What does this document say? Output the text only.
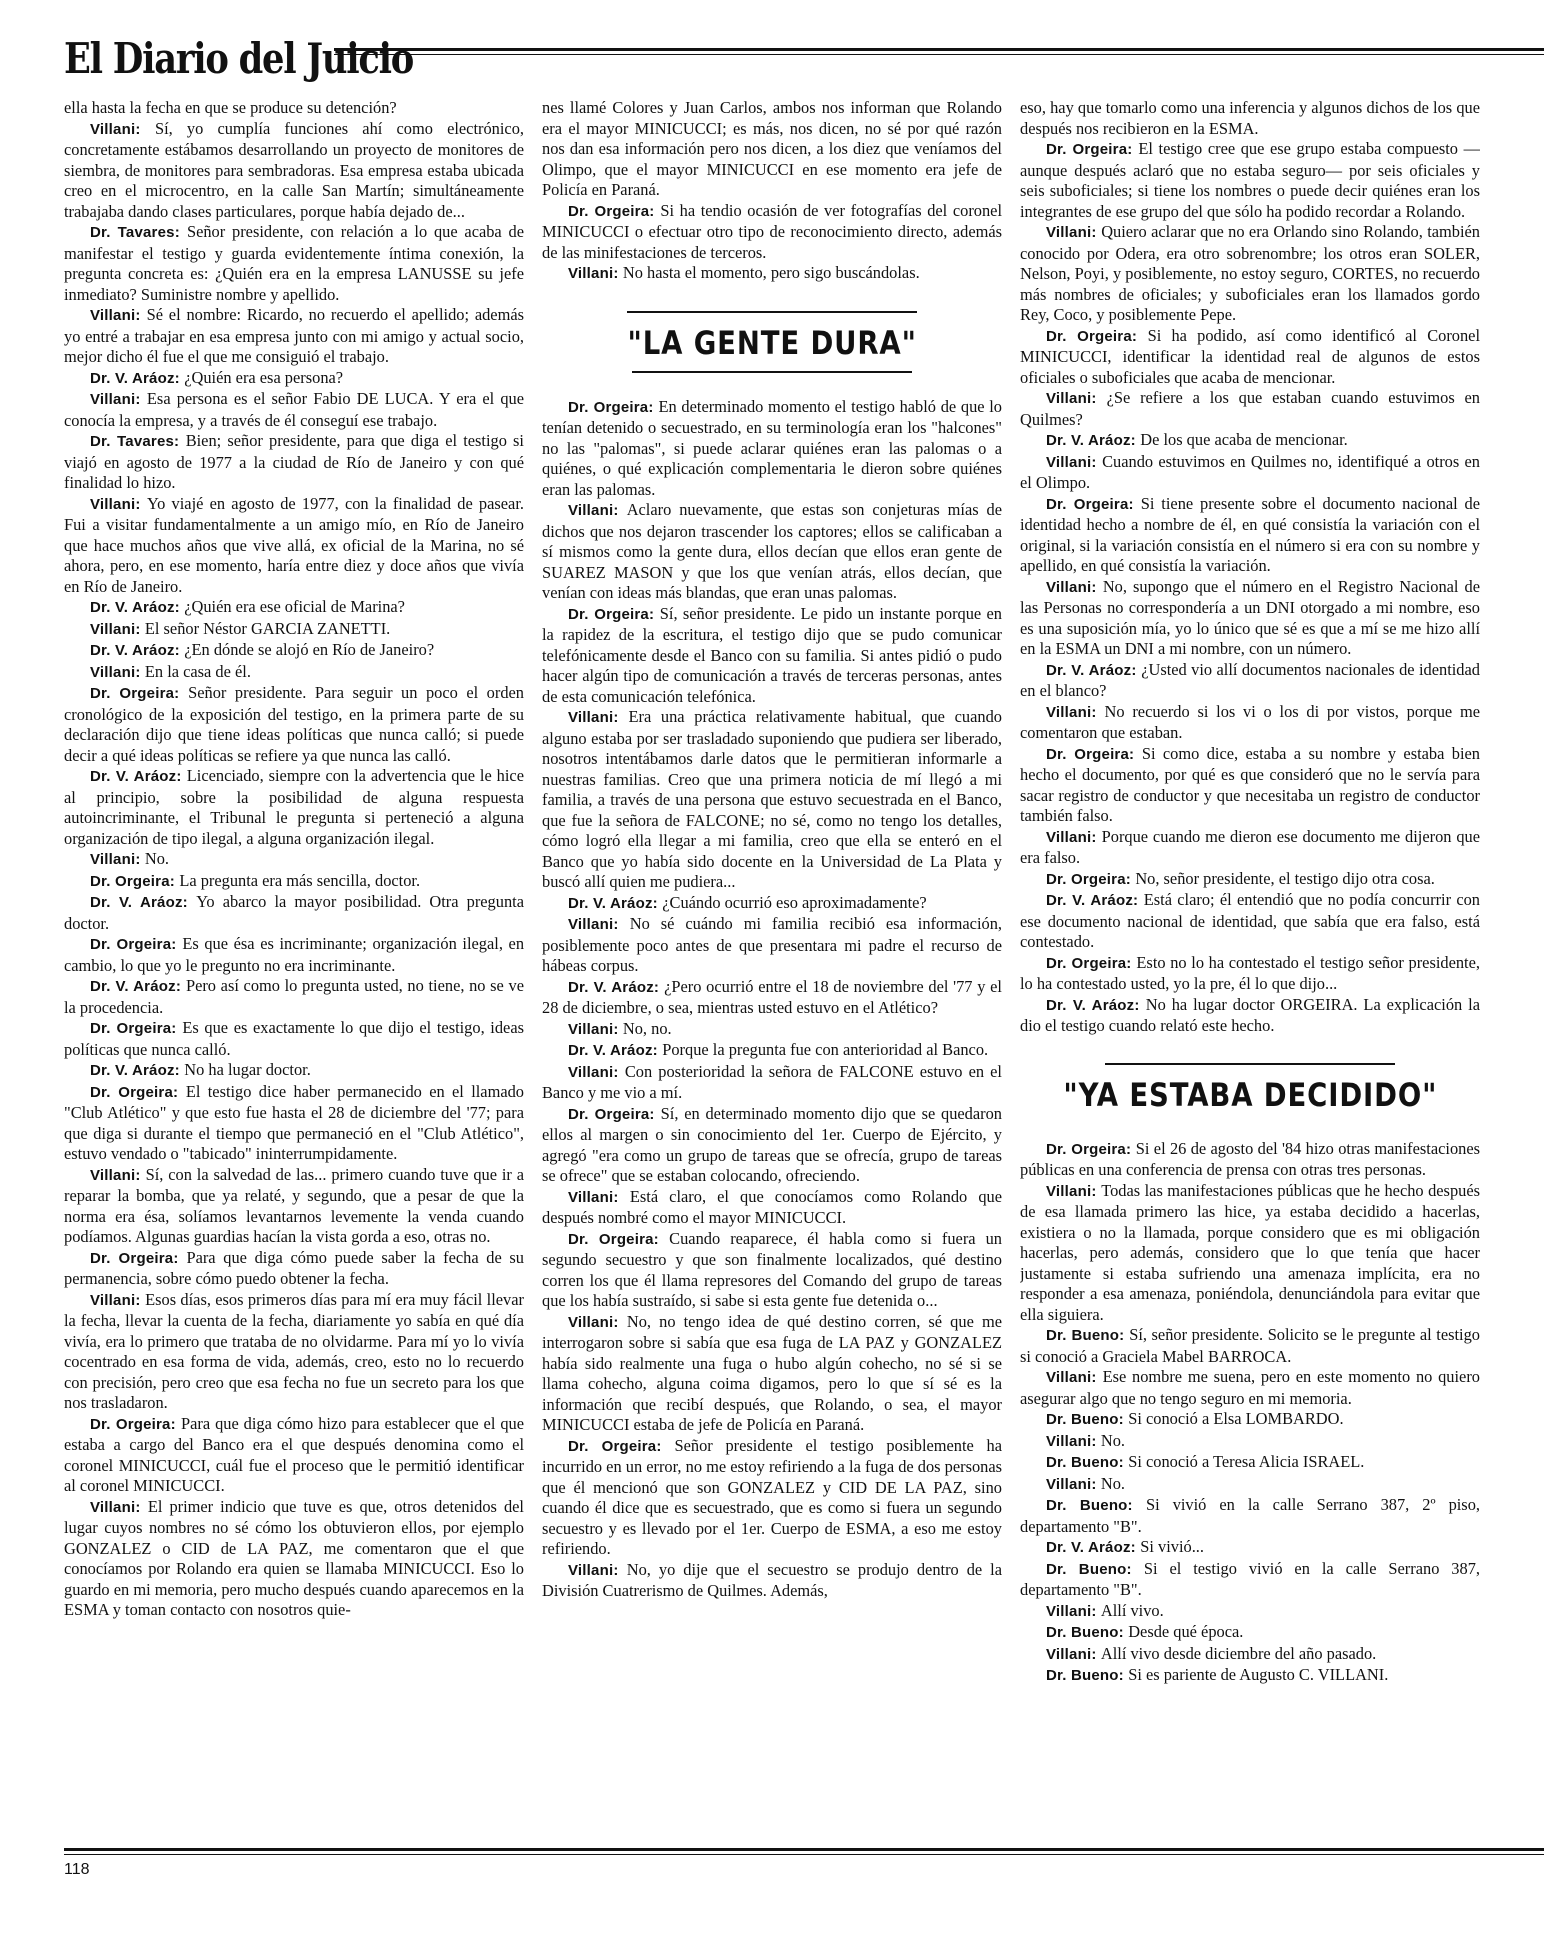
El Diario del Juicio

ella hasta la fecha en que se produce su detención?

Villani : Sí, yo cumplía funciones ahí como electrónico, concretamente estábamos desarrollando un proyecto de monitores de siembra, de monitores para sembradoras. Esa empresa estaba ubicada creo en el microcentro, en la calle San Martín; simultáneamente trabajaba dando clases particulares, porque había dejado de...

Dr. Tavares : Señor presidente, con relación a lo que acaba de manifestar el testigo y guarda evidentemente íntima conexión, la pregunta concreta es: ¿Quién era en la empresa LANUSSE su jefe inmediato? Suministre nombre y apellido.

Villani : Sé el nombre: Ricardo, no recuerdo el apellido; además yo entré a trabajar en esa empresa junto con mi amigo y actual socio, mejor dicho él fue el que me consiguió el trabajo.

Dr. V. Aráoz : ¿Quién era esa persona?

Villani : Esa persona es el señor Fabio DE LUCA. Y era el que conocía la empresa, y a través de él conseguí ese trabajo.

Dr. Tavares : Bien; señor presidente, para que diga el testigo si viajó en agosto de 1977 a la ciudad de Río de Janeiro y con qué finalidad lo hizo.

Villani : Yo viajé en agosto de 1977, con la finalidad de pasear. Fui a visitar fundamentalmente a un amigo mío, en Río de Janeiro que hace muchos años que vive allá, ex oficial de la Marina, no sé ahora, pero, en ese momento, haría entre diez y doce años que vivía en Río de Janeiro.

Dr. V. Aráoz : ¿Quién era ese oficial de Marina?

Villani : El señor Néstor GARCIA ZANETTI.

Dr. V. Aráoz : ¿En dónde se alojó en Río de Janeiro?

Villani : En la casa de él.

Dr. Orgeira : Señor presidente. Para seguir un poco el orden cronológico de la exposición del testigo, en la primera parte de su declaración dijo que tiene ideas políticas que nunca calló; si puede decir a qué ideas políticas se refiere ya que nunca las calló.

Dr. V. Aráoz : Licenciado, siempre con la advertencia que le hice al principio, sobre la posibilidad de alguna respuesta autoincriminante, el Tribunal le pregunta si perteneció a alguna organización de tipo ilegal, a alguna organización ilegal.

Villani : No.

Dr. Orgeira : La pregunta era más sencilla, doctor.

Dr. V. Aráoz : Yo abarco la mayor posibilidad. Otra pregunta doctor.

Dr. Orgeira : Es que ésa es incriminante; organización ilegal, en cambio, lo que yo le pregunto no era incriminante.

Dr. V. Aráoz : Pero así como lo pregunta usted, no tiene, no se ve la procedencia.

Dr. Orgeira : Es que es exactamente lo que dijo el testigo, ideas políticas que nunca calló.

Dr. V. Aráoz : No ha lugar doctor.

Dr. Orgeira : El testigo dice haber permanecido en el llamado "Club Atlético" y que esto fue hasta el 28 de diciembre del '77; para que diga si durante el tiempo que permaneció en el "Club Atlético", estuvo vendado o "tabicado" ininterrumpidamente.

Villani : Sí, con la salvedad de las... primero cuando tuve que ir a reparar la bomba, que ya relaté, y segundo, que a pesar de que la norma era ésa, solíamos levantarnos levemente la venda cuando podíamos. Algunas guardias hacían la vista gorda a eso, otras no.

Dr. Orgeira : Para que diga cómo puede saber la fecha de su permanencia, sobre cómo puedo obtener la fecha.

Villani : Esos días, esos primeros días para mí era muy fácil llevar la fecha, llevar la cuenta de la fecha, diariamente yo sabía en qué día vivía, era lo primero que trataba de no olvidarme. Para mí yo lo vivía cocentrado en esa forma de vida, además, creo, esto no lo recuerdo con precisión, pero creo que esa fecha no fue un secreto para los que nos trasladaron.

Dr. Orgeira : Para que diga cómo hizo para establecer que el que estaba a cargo del Banco era el que después denomina como el coronel MINICUCCI, cuál fue el proceso que le permitió identificar al coronel MINICUCCI.

Villani : El primer indicio que tuve es que, otros detenidos del lugar cuyos nombres no sé cómo los obtuvieron ellos, por ejemplo GONZALEZ o CID de LA PAZ, me comentaron que el que conocíamos por Rolando era quien se llamaba MINICUCCI. Eso lo guardo en mi memoria, pero mucho después cuando aparecemos en la ESMA y toman contacto con nosotros quie-

nes llamé Colores y Juan Carlos, ambos nos informan que Rolando era el mayor MINICUCCI; es más, nos dicen, no sé por qué razón nos dan esa información pero nos dicen, a los diez que veníamos del Olimpo, que el mayor MINICUCCI en ese momento era jefe de Policía en Paraná.

Dr. Orgeira : Si ha tendio ocasión de ver fotografías del coronel MINICUCCI o efectuar otro tipo de reconocimiento directo, además de las minifestaciones de terceros.

Villani : No hasta el momento, pero sigo buscándolas.

"LA GENTE DURA"

Dr. Orgeira : En determinado momento el testigo habló de que lo tenían detenido o secuestrado, en su terminología eran los "halcones" no las "palomas", si puede aclarar quiénes eran las palomas o a quiénes, o qué explicación complementaria le dieron sobre quiénes eran las palomas.

Villani : Aclaro nuevamente, que estas son conjeturas mías de dichos que nos dejaron trascender los captores; ellos se calificaban a sí mismos como la gente dura, ellos decían que ellos eran gente de SUAREZ MASON y que los que venían atrás, ellos decían, que venían con ideas más blandas, que eran unas palomas.

Dr. Orgeira : Sí, señor presidente. Le pido un instante porque en la rapidez de la escritura, el testigo dijo que se pudo comunicar telefónicamente desde el Banco con su familia. Si antes pidió o pudo hacer algún tipo de comunicación a través de terceras personas, antes de esta comunicación telefónica.

Villani : Era una práctica relativamente habitual, que cuando alguno estaba por ser trasladado suponiendo que pudiera ser liberado, nosotros intentábamos darle datos que le permitieran informarle a nuestras familias. Creo que una primera noticia de mí llegó a mi familia, a través de una persona que estuvo secuestrada en el Banco, que fue la señora de FALCONE; no sé, como no tengo los detalles, cómo logró ella llegar a mi familia, creo que ella se enteró en el Banco que yo había sido docente en la Universidad de La Plata y buscó allí quien me pudiera...

Dr. V. Aráoz : ¿Cuándo ocurrió eso aproximadamente?

Villani : No sé cuándo mi familia recibió esa información, posiblemente poco antes de que presentara mi padre el recurso de hábeas corpus.

Dr. V. Aráoz : ¿Pero ocurrió entre el 18 de noviembre del '77 y el 28 de diciembre, o sea, mientras usted estuvo en el Atlético?

Villani : No, no.

Dr. V. Aráoz : Porque la pregunta fue con anterioridad al Banco.

Villani : Con posterioridad la señora de FALCONE estuvo en el Banco y me vio a mí.

Dr. Orgeira : Sí, en determinado momento dijo que se quedaron ellos al margen o sin conocimiento del 1er. Cuerpo de Ejército, y agregó "era como un grupo de tareas que se ofrecía, grupo de tareas se ofrece" que se estaban colocando, ofreciendo.

Villani : Está claro, el que conocíamos como Rolando que después nombré como el mayor MINICUCCI.

Dr. Orgeira : Cuando reaparece, él habla como si fuera un segundo secuestro y que son finalmente localizados, qué destino corren los que él llama represores del Comando del grupo de tareas que los había sustraído, si sabe si esta gente fue detenida o...

Villani : No, no tengo idea de qué destino corren, sé que me interrogaron sobre si sabía que esa fuga de LA PAZ y GONZALEZ había sido realmente una fuga o hubo algún cohecho, no sé si se llama cohecho, alguna coima digamos, pero lo que sí sé es la información que recibí después, que Rolando, o sea, el mayor MINICUCCI estaba de jefe de Policía en Paraná.

Dr. Orgeira : Señor presidente el testigo posiblemente ha incurrido en un error, no me estoy refiriendo a la fuga de dos personas que él mencionó que son GONZALEZ y CID DE LA PAZ, sino cuando él dice que es secuestrado, que es como si fuera un segundo secuestro y es llevado por el 1er. Cuerpo de ESMA, a eso me estoy refiriendo.

Villani : No, yo dije que el secuestro se produjo dentro de la División Cuatrerismo de Quilmes. Además,

eso, hay que tomarlo como una inferencia y algunos dichos de los que después nos recibieron en la ESMA.

Dr. Orgeira : El testigo cree que ese grupo estaba compuesto —aunque después aclaró que no estaba seguro— por seis oficiales y seis suboficiales; si tiene los nombres o puede decir quiénes eran los integrantes de ese grupo del que sólo ha podido recordar a Rolando.

Villani : Quiero aclarar que no era Orlando sino Rolando, también conocido por Odera, era otro sobrenombre; los otros eran SOLER, Nelson, Poyi, y posiblemente, no estoy seguro, CORTES, no recuerdo más nombres de oficiales; y suboficiales eran los llamados gordo Rey, Coco, y posiblemente Pepe.

Dr. Orgeira : Si ha podido, así como identificó al Coronel MINICUCCI, identificar la identidad real de algunos de estos oficiales o suboficiales que acaba de mencionar.

Villani : ¿Se refiere a los que estaban cuando estuvimos en Quilmes?

Dr. V. Aráoz : De los que acaba de mencionar.

Villani : Cuando estuvimos en Quilmes no, identifiqué a otros en el Olimpo.

Dr. Orgeira : Si tiene presente sobre el documento nacional de identidad hecho a nombre de él, en qué consistía la variación con el original, si la variación consistía en el número si era con su nombre y apellido, en qué consistía la variación.

Villani : No, supongo que el número en el Registro Nacional de las Personas no correspondería a un DNI otorgado a mi nombre, eso es una suposición mía, yo lo único que sé es que a mí se me hizo allí en la ESMA un DNI a mi nombre, con un número.

Dr. V. Aráoz : ¿Usted vio allí documentos nacionales de identidad en el blanco?

Villani : No recuerdo si los vi o los di por vistos, porque me comentaron que estaban.

Dr. Orgeira : Si como dice, estaba a su nombre y estaba bien hecho el documento, por qué es que consideró que no le servía para sacar registro de conductor y que necesitaba un registro de conductor también falso.

Villani : Porque cuando me dieron ese documento me dijeron que era falso.

Dr. Orgeira : No, señor presidente, el testigo dijo otra cosa.

Dr. V. Aráoz : Está claro; él entendió que no podía concurrir con ese documento nacional de identidad, que sabía que era falso, está contestado.

Dr. Orgeira : Esto no lo ha contestado el testigo señor presidente, lo ha contestado usted, yo la pre, él lo que dijo...

Dr. V. Aráoz : No ha lugar doctor ORGEIRA. La explicación la dio el testigo cuando relató este hecho.

"YA ESTABA DECIDIDO"

Dr. Orgeira : Si el 26 de agosto del '84 hizo otras manifestaciones públicas en una conferencia de prensa con otras tres personas.

Villani : Todas las manifestaciones públicas que he hecho después de esa llamada primero las hice, ya estaba decidido a hacerlas, existiera o no la llamada, porque considero que es mi obligación hacerlas, pero además, considero que lo que tenía que hacer justamente si estaba sufriendo una amenaza implícita, era no responder a esa amenaza, poniéndola, denunciándola para evitar que ella siguiera.

Dr. Bueno : Sí, señor presidente. Solicito se le pregunte al testigo si conoció a Graciela Mabel BARROCA.

Villani : Ese nombre me suena, pero en este momento no quiero asegurar algo que no tengo seguro en mi memoria.

Dr. Bueno : Si conoció a Elsa LOMBARDO.

Villani : No.

Dr. Bueno : Si conoció a Teresa Alicia ISRAEL.

Villani : No.

Dr. Bueno : Si vivió en la calle Serrano 387, 2º piso, departamento "B".

Dr. V. Aráoz : Si vivió...

Dr. Bueno : Si el testigo vivió en la calle Serrano 387, departamento "B".

Villani : Allí vivo.

Dr. Bueno : Desde qué época.

Villani : Allí vivo desde diciembre del año pasado.

Dr. Bueno : Si es pariente de Augusto C. VILLANI.

118
